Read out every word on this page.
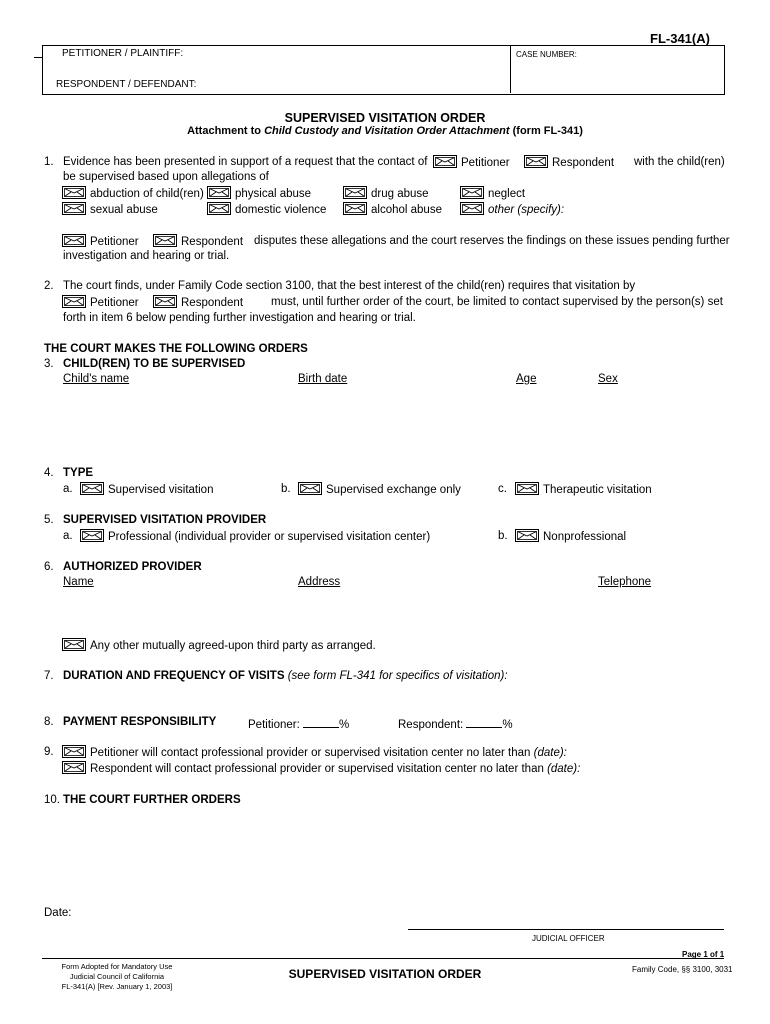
FL-341(A)
PETITIONER / PLAINTIFF:	CASE NUMBER:
RESPONDENT / DEFENDANT:
SUPERVISED VISITATION ORDER
Attachment to Child Custody and Visitation Order Attachment (form FL-341)
1. Evidence has been presented in support of a request that the contact of	Petitioner	Respondent with the child(ren)
be supervised based upon allegations of
abduction of child(ren)	physical abuse	drug abuse	neglect
sexual abuse	domestic violence	alcohol abuse	other (specify):
Petitioner	Respondent disputes these allegations and the court reserves the findings on these issues pending further
investigation and hearing or trial.
2. The court finds, under Family Code section 3100, that the best interest of the child(ren) requires that visitation by
Petitioner	Respondent must, until further order of the court, be limited to contact supervised by the person(s) set
forth in item 6 below pending further investigation and hearing or trial.
THE COURT MAKES THE FOLLOWING ORDERS
3. CHILD(REN) TO BE SUPERVISED
Child's name	Birth date	Age	Sex
4. TYPE
a.	Supervised visitation	b.	Supervised exchange only	c.	Therapeutic visitation
5. SUPERVISED VISITATION PROVIDER
a.	Professional (individual provider or supervised visitation center)	b.	Nonprofessional
6. AUTHORIZED PROVIDER
Name	Address	Telephone
Any other mutually agreed-upon third party as arranged.
7. DURATION AND FREQUENCY OF VISITS (see form FL-341 for specifics of visitation):
8. PAYMENT RESPONSIBILITY	Petitioner:	%	Respondent:	%
9.	Petitioner will contact professional provider or supervised visitation center no later than (date):
Respondent will contact professional provider or supervised visitation center no later than (date):
10. THE COURT FURTHER ORDERS
Date:
JUDICIAL OFFICER
Page 1 of 1
Form Adopted for Mandatory Use
Judicial Council of California
FL-341(A) [Rev. January 1, 2003]
SUPERVISED VISITATION ORDER	Family Code, §§ 3100, 3031
